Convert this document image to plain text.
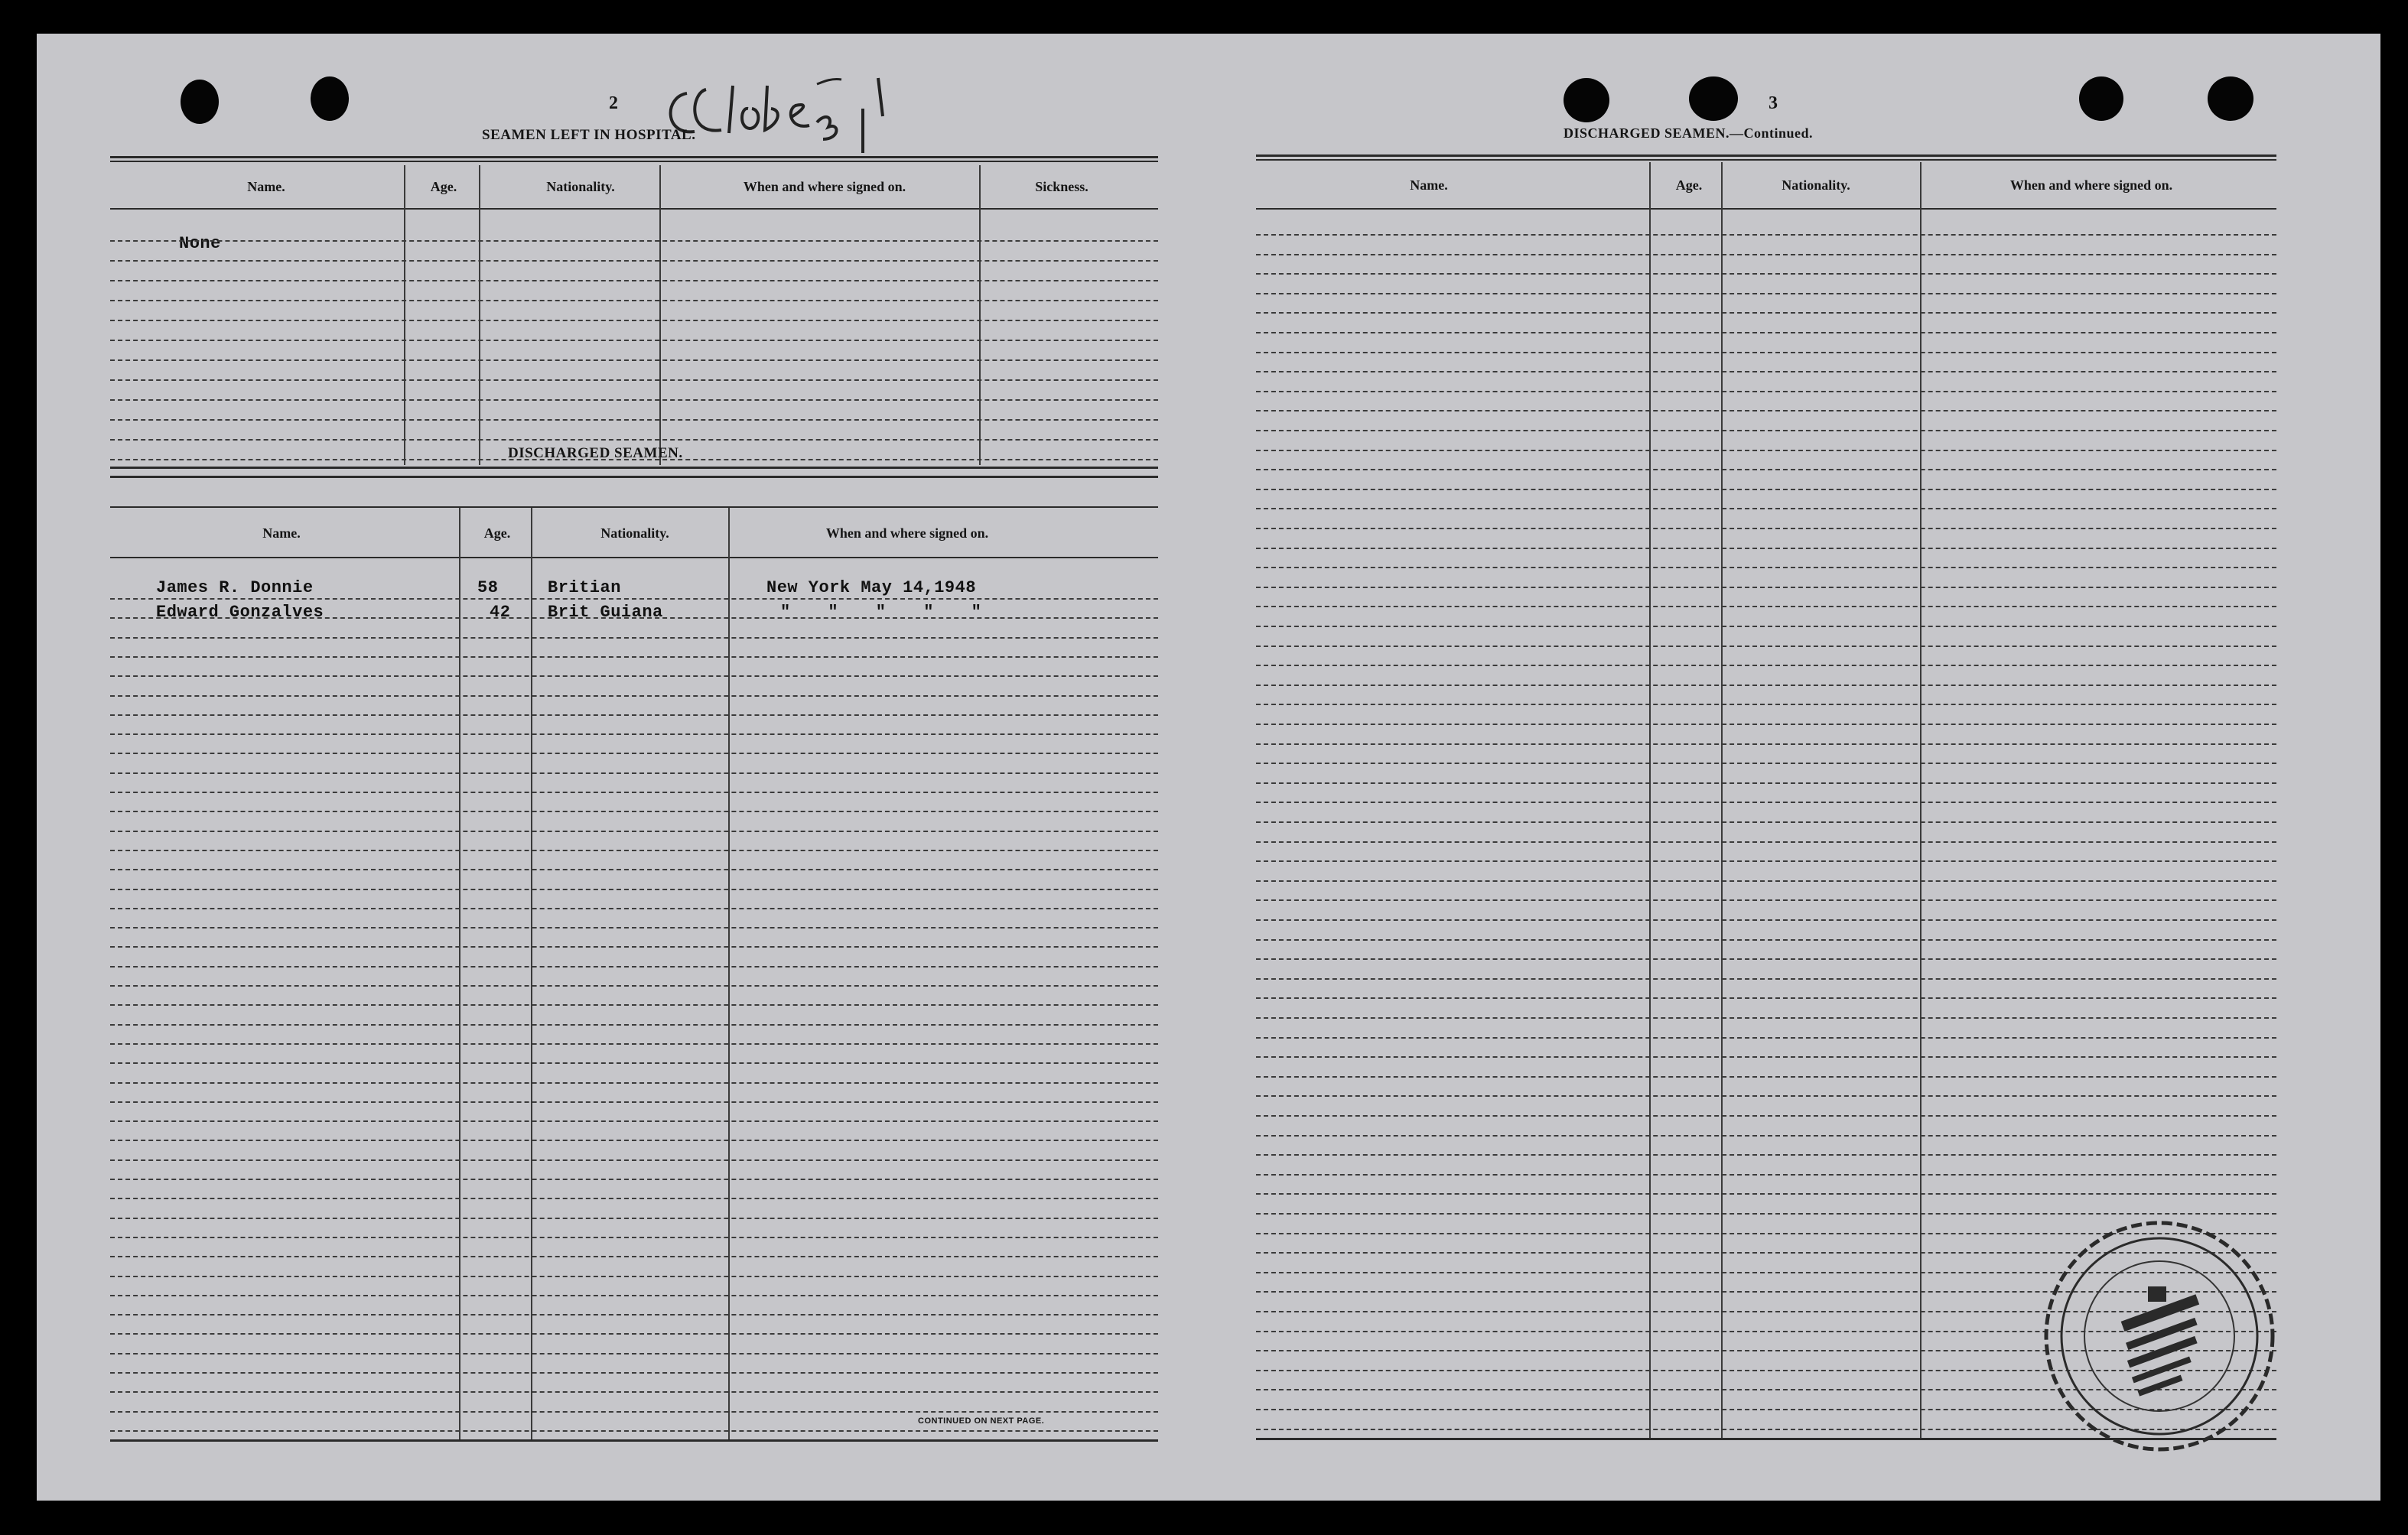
2
SEAMEN LEFT IN HOSPITAL.
Name.	Age.	Nationality.	When and where signed on.	Sickness.
None
DISCHARGED SEAMEN.
Name.	Age.	Nationality.	When and where signed on.
James R. Donnie	58	Britian	New York May 14,1948
Edward Gonzalves	42 Brit Guiana	" " " " "
CONTINUED ON NEXT PAGE.
3
DISCHARGED SEAMEN.—Continued.
Name.	Age.	Nationality.	When and where signed on.
